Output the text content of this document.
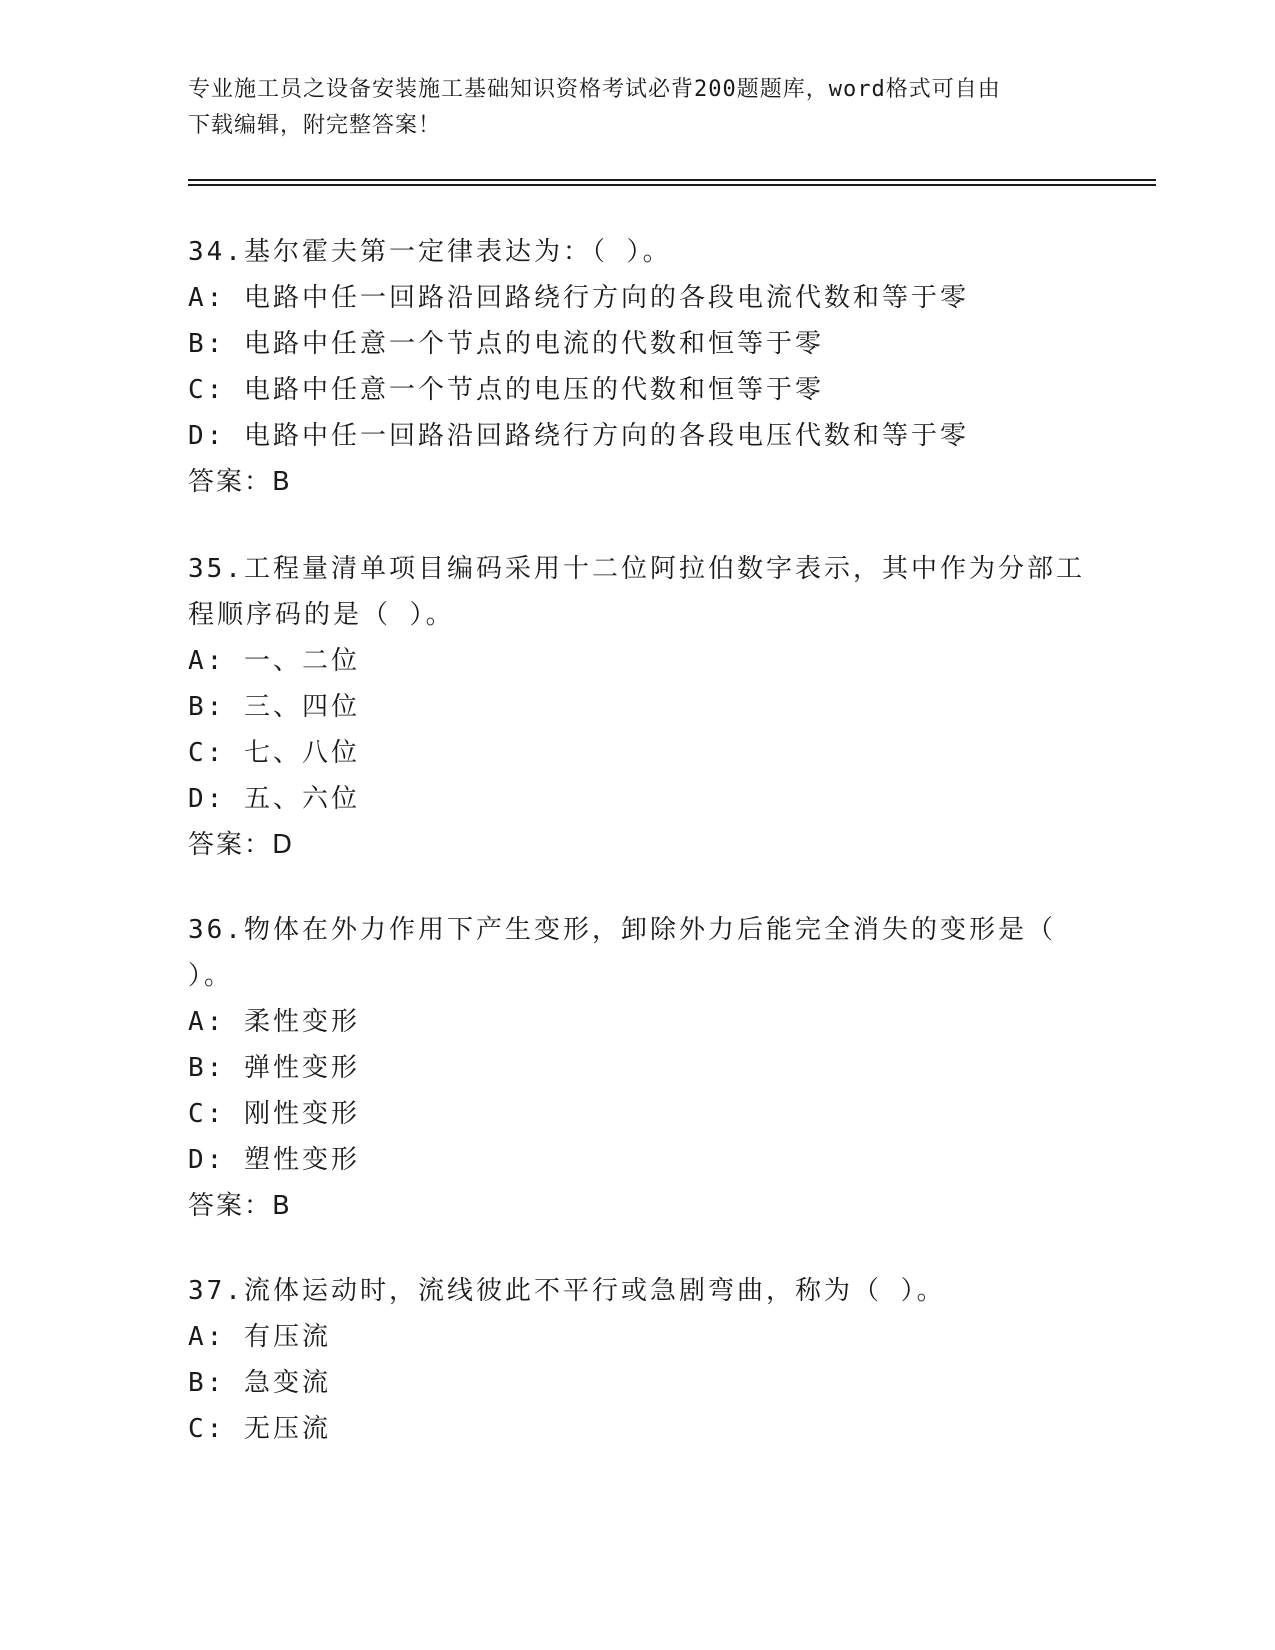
专业施工员之设备安装施工基础知识资格考试必背200题题库，word格式可自由
下载编辑，附完整答案！

34.基尔霍夫第一定律表达为：（ ）。

A: 电路中任一回路沿回路绕行方向的各段电流代数和等于零

B: 电路中任意一个节点的电流的代数和恒等于零

C: 电路中任意一个节点的电压的代数和恒等于零

D: 电路中任一回路沿回路绕行方向的各段电压代数和等于零

答案：B

35.工程量清单项目编码采用十二位阿拉伯数字表示，其中作为分部工

程顺序码的是（ ）。

A: 一、二位

B: 三、四位

C: 七、八位

D: 五、六位

答案：D

36.物体在外力作用下产生变形，卸除外力后能完全消失的变形是（

）。

A: 柔性变形

B: 弹性变形

C: 刚性变形

D: 塑性变形

答案：B

37.流体运动时，流线彼此不平行或急剧弯曲，称为（ ）。

A: 有压流

B: 急变流

C: 无压流
